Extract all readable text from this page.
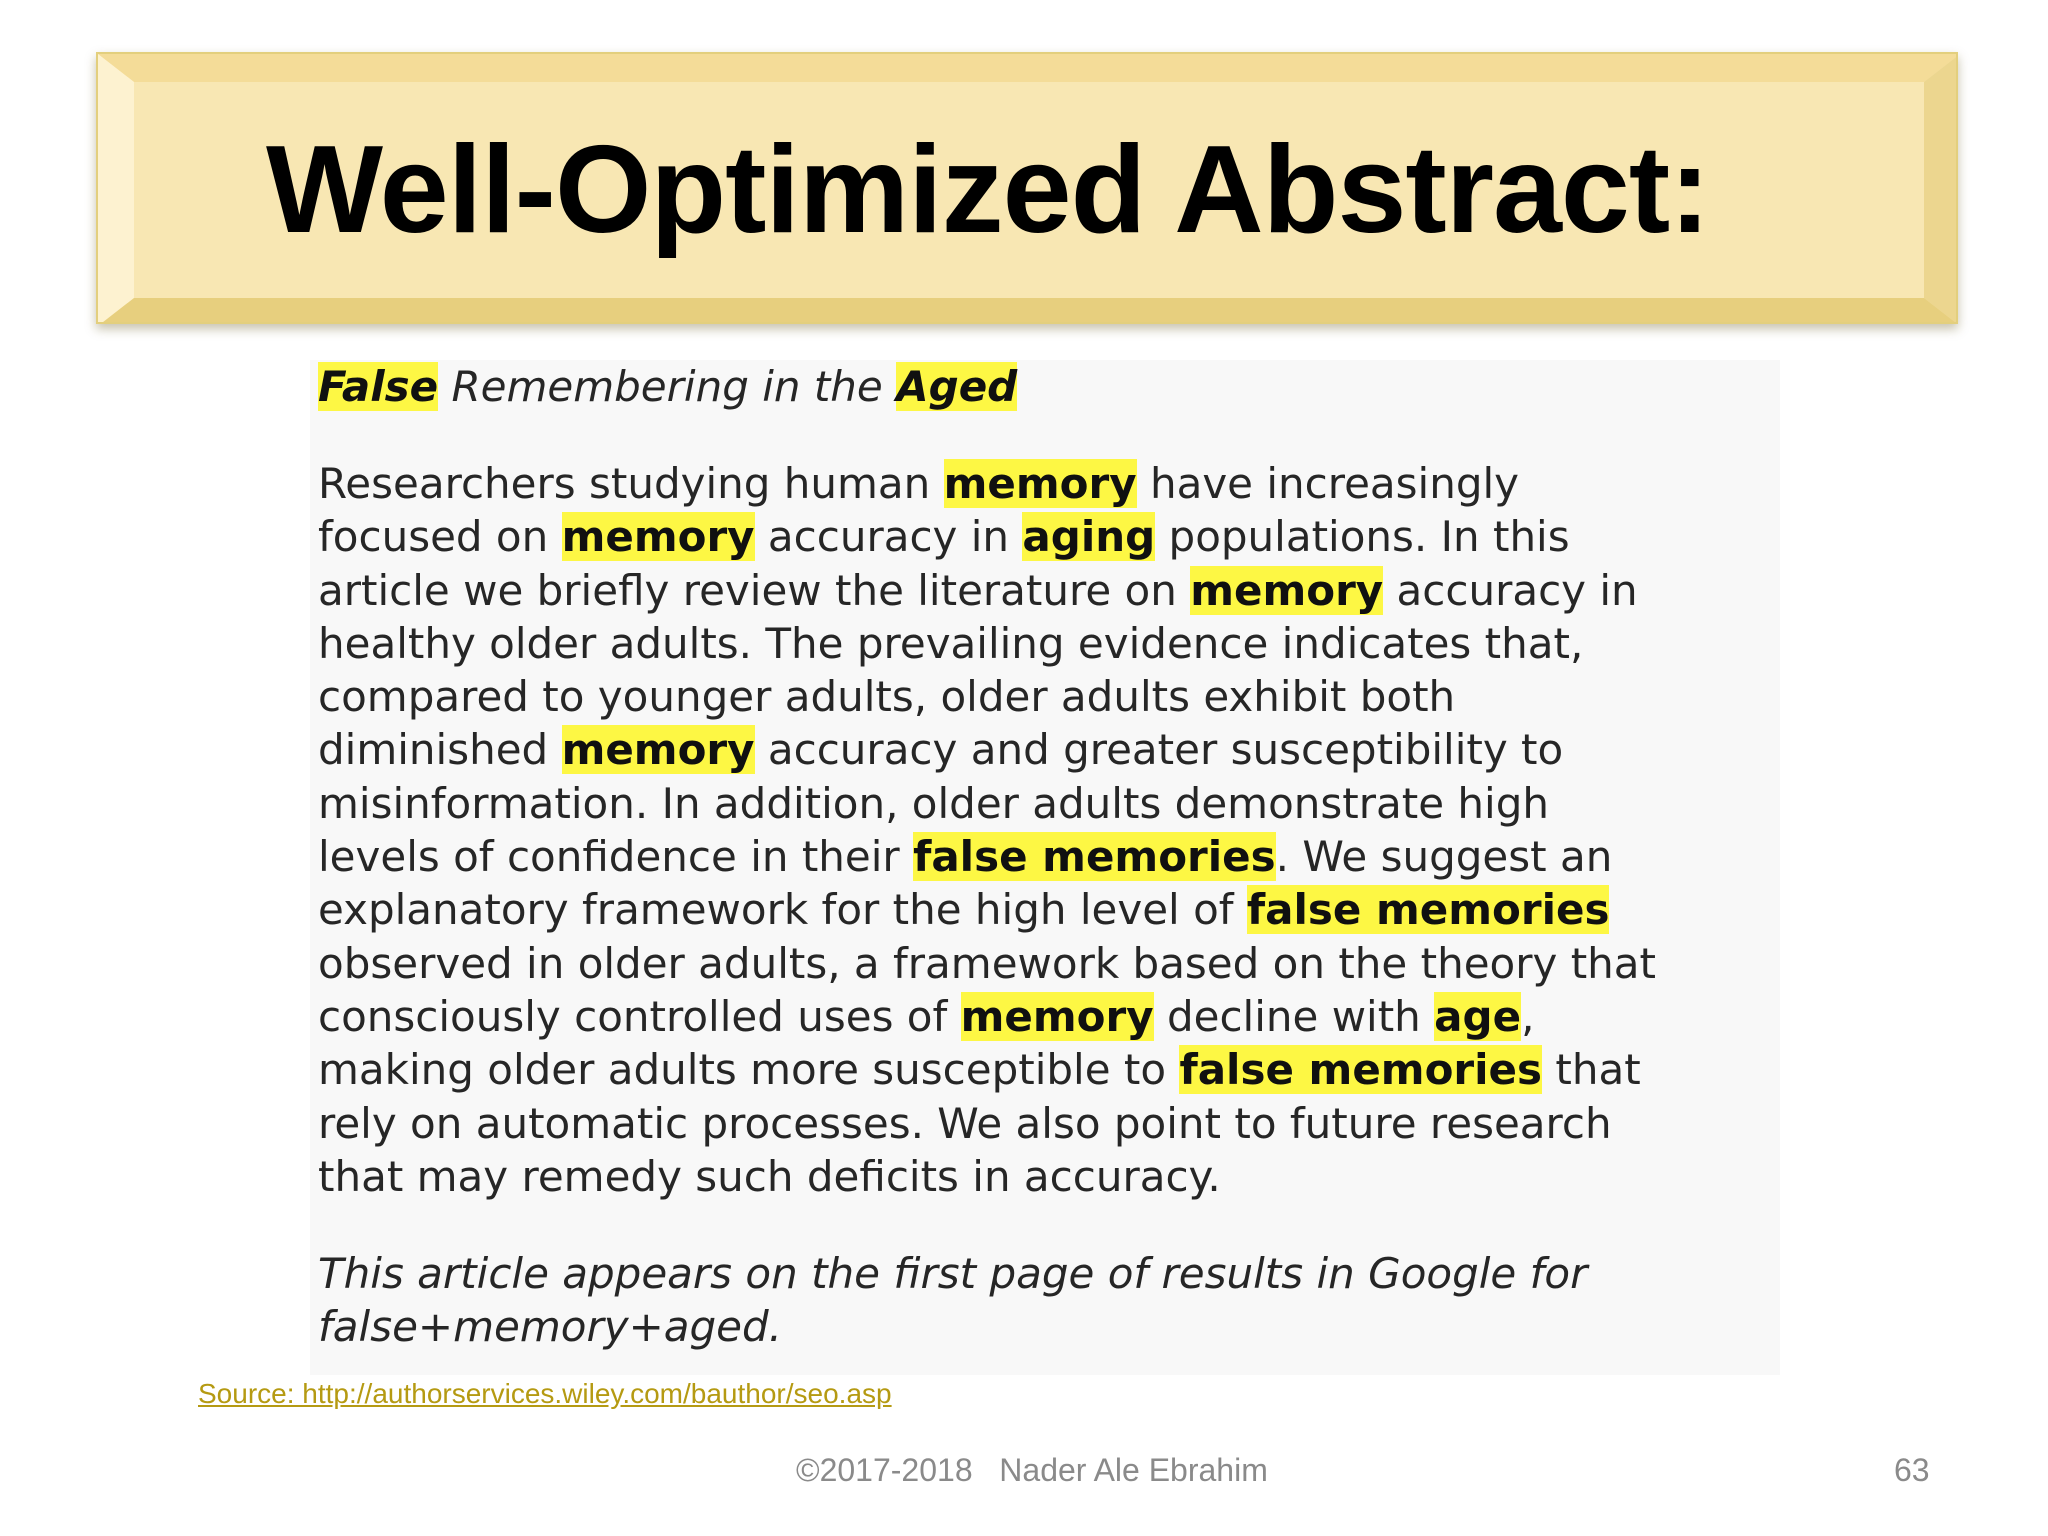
Well-Optimized Abstract:

False Remembering in the Aged

Researchers studying human memory have increasingly
focused on memory accuracy in aging populations. In this
article we briefly review the literature on memory accuracy in
healthy older adults. The prevailing evidence indicates that,
compared to younger adults, older adults exhibit both
diminished memory accuracy and greater susceptibility to
misinformation. In addition, older adults demonstrate high
levels of confidence in their false memories. We suggest an
explanatory framework for the high level of false memories
observed in older adults, a framework based on the theory that
consciously controlled uses of memory decline with age,
making older adults more susceptible to false memories that
rely on automatic processes. We also point to future research
that may remedy such deficits in accuracy.

This article appears on the first page of results in Google for
false+memory+aged.

Source: http://authorservices.wiley.com/bauthor/seo.asp
©2017-2018   Nader Ale Ebrahim	63
